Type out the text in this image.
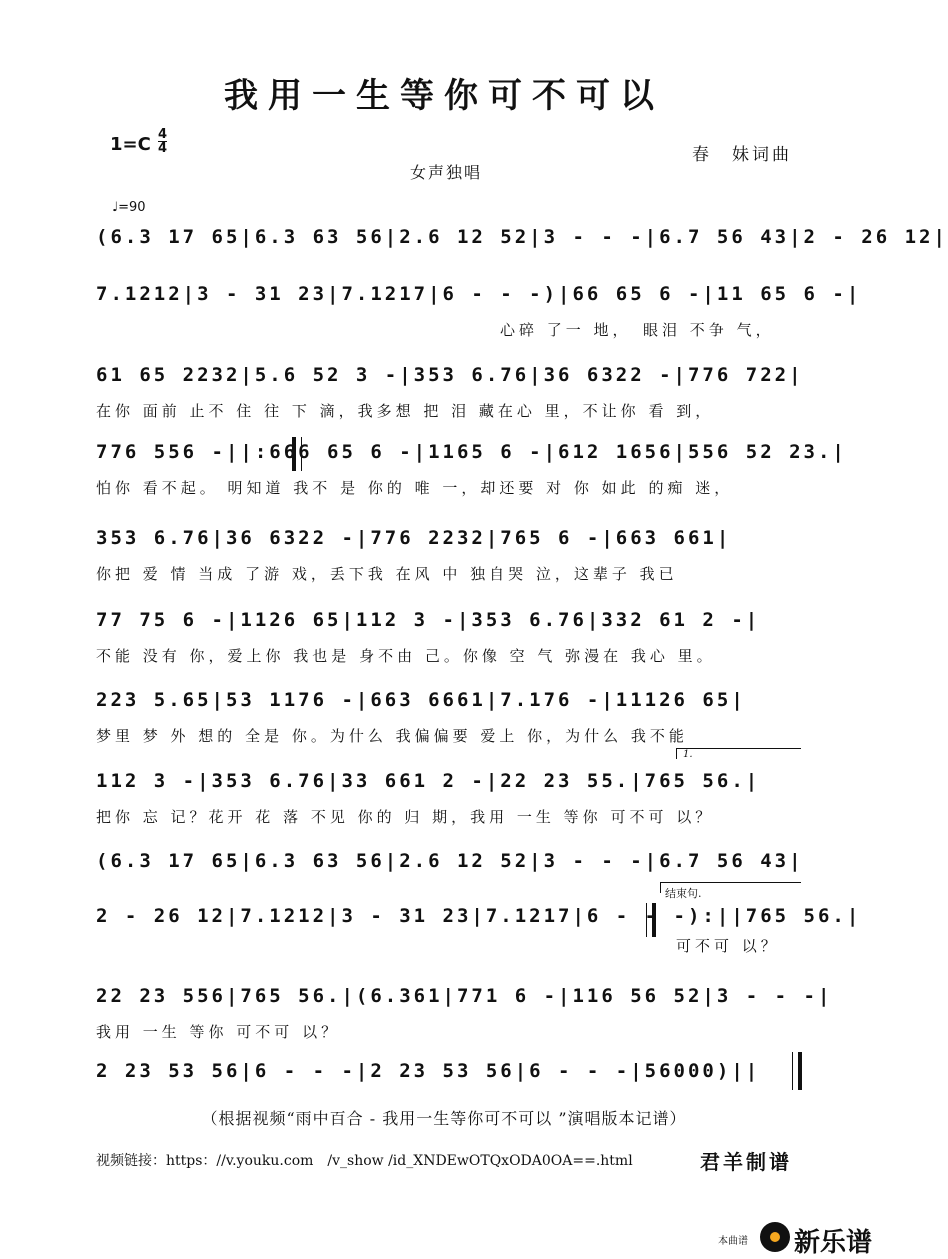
我用一生等你可不可以
$1=C \frac{4}{4}$	春　妹词曲
女声独唱
♩=90
(6.3 17 65|6.3 63 56|2.6 12 52|3 - - -|6.7 56 43|2 - 26 12|
7.1212|3 - 31 23|7.1217|6 - - -)|66 65 6 -|11 65 6 -|
心碎 了一 地，　眼泪 不争 气，
61 65 2232|5.6 52 3 -|353 6.76|36 6322 -|776 722|
在你 面前 止不 住 往 下 滴，我多想 把 泪 藏在心 里，不让你 看 到，
776 556 -||:666 65 6 -|1165 6 -|612 1656|556 52 23.|
怕你 看不起。 明知道 我不 是 你的 唯 一，却还要 对 你 如此 的痴 迷，
353 6.76|36 6322 -|776 2232|765 6 -|663 661|
你把 爱 情 当成 了游 戏，丢下我 在风 中 独自哭 泣，这辈子 我已
77 75 6 -|1126 65|112 3 -|353 6.76|332 61 2 -|
不能 没有 你，爱上你 我也是 身不由 己。你像 空 气 弥漫在 我心 里。
223 5.65|53 1176 -|663 6661|7.176 -|11126 65|
梦里 梦 外 想的 全是 你。为什么 我偏偏要 爱上 你，为什么 我不能
112 3 -|353 6.76|33 661 2 -|22 23 55.|765 56.|
把你 忘 记？花开 花 落 不见 你的 归 期，我用 一生 等你 可不可 以？
(6.3 17 65|6.3 63 56|2.6 12 52|3 - - -|6.7 56 43|
2 - 26 12|7.1212|3 - 31 23|7.1217|6 - - -):||765 56.|
可不可 以？
22 23 556|765 56.|(6.361|771 6 -|116 56 52|3 - - -|
我用 一生 等你 可不可 以？
2 23 53 56|6 - - -|2 23 53 56|6 - - -|56000)||
1.
结束句.
（根据视频“雨中百合 - 我用一生等你可不可以 ”演唱版本记谱）
视频链接：https：//v.youku.com　/v_show /id_XNDEwOTQxODA0OA==.html	君羊制谱
本曲谱 新乐谱
